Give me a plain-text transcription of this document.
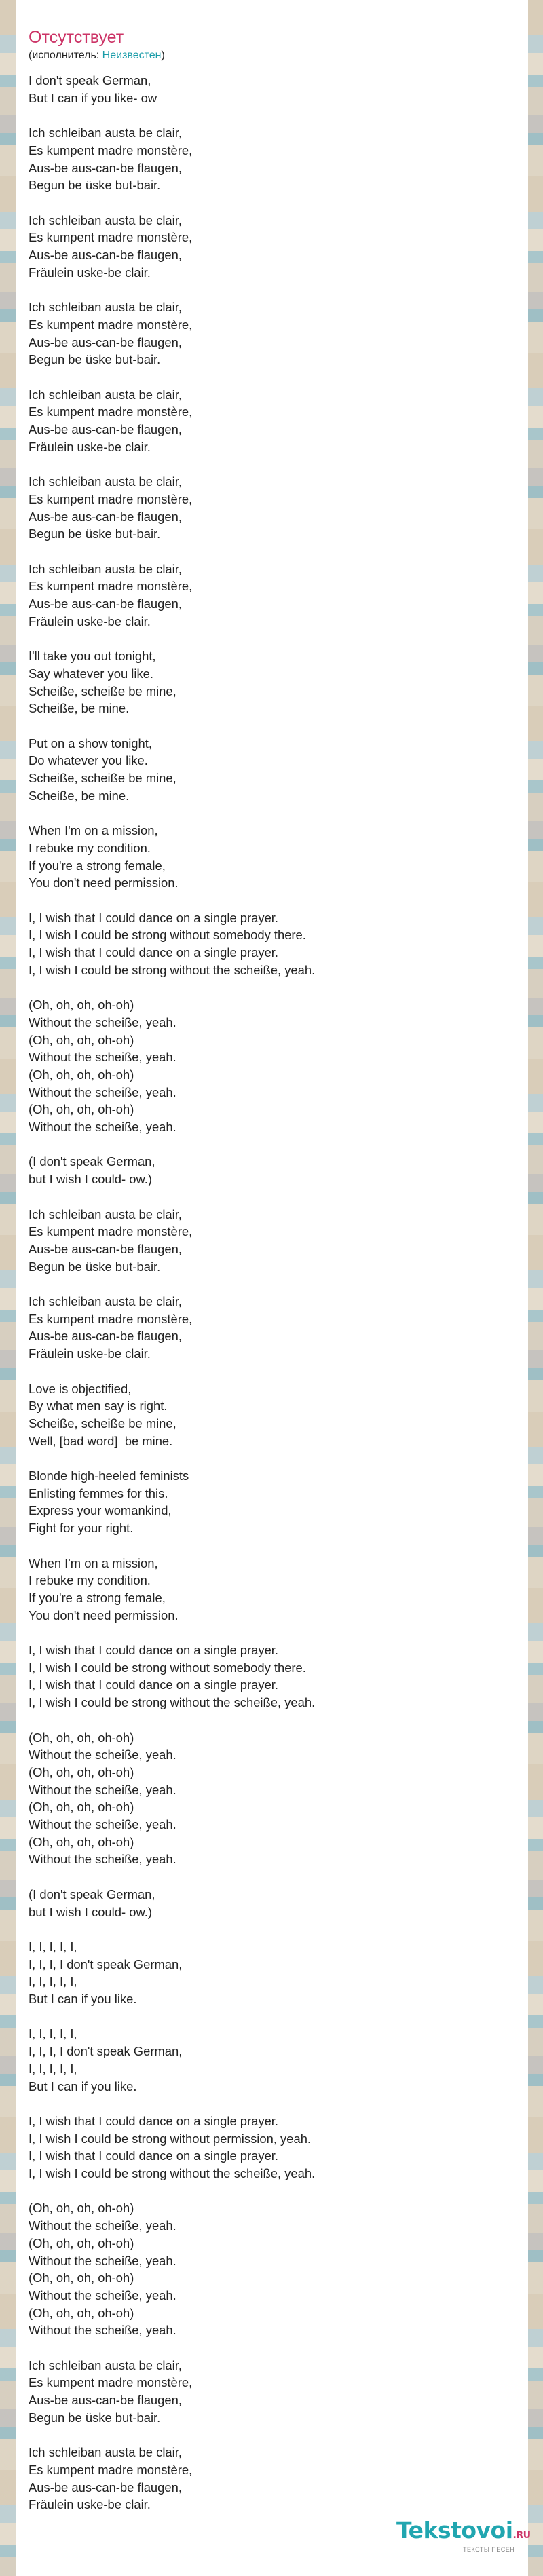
Отсутствует
(исполнитель: Неизвестен)
I don't speak German,
But I can if you like- ow
Ich schleiban austa be clair,
Es kumpent madre monstère,
Aus-be aus-can-be flaugen,
Begun be üske but-bair.
Ich schleiban austa be clair,
Es kumpent madre monstère,
Aus-be aus-can-be flaugen,
Fräulein uske-be clair.
Ich schleiban austa be clair,
Es kumpent madre monstère,
Aus-be aus-can-be flaugen,
Begun be üske but-bair.
Ich schleiban austa be clair,
Es kumpent madre monstère,
Aus-be aus-can-be flaugen,
Fräulein uske-be clair.
Ich schleiban austa be clair,
Es kumpent madre monstère,
Aus-be aus-can-be flaugen,
Begun be üske but-bair.
Ich schleiban austa be clair,
Es kumpent madre monstère,
Aus-be aus-can-be flaugen,
Fräulein uske-be clair.
I'll take you out tonight,
Say whatever you like.
Scheiße, scheiße be mine,
Scheiße, be mine.
Put on a show tonight,
Do whatever you like.
Scheiße, scheiße be mine,
Scheiße, be mine.
When I'm on a mission,
I rebuke my condition.
If you're a strong female,
You don't need permission.
I, I wish that I could dance on a single prayer.
I, I wish I could be strong without somebody there.
I, I wish that I could dance on a single prayer.
I, I wish I could be strong without the scheiße, yeah.
(Oh, oh, oh, oh-oh)
Without the scheiße, yeah.
(Oh, oh, oh, oh-oh)
Without the scheiße, yeah.
(Oh, oh, oh, oh-oh)
Without the scheiße, yeah.
(Oh, oh, oh, oh-oh)
Without the scheiße, yeah.
(I don't speak German,
but I wish I could- ow.)
Ich schleiban austa be clair,
Es kumpent madre monstère,
Aus-be aus-can-be flaugen,
Begun be üske but-bair.
Ich schleiban austa be clair,
Es kumpent madre monstère,
Aus-be aus-can-be flaugen,
Fräulein uske-be clair.
Love is objectified,
By what men say is right.
Scheiße, scheiße be mine,
Well, [bad word]  be mine.
Blonde high-heeled feminists
Enlisting femmes for this.
Express your womankind,
Fight for your right.
When I'm on a mission,
I rebuke my condition.
If you're a strong female,
You don't need permission.
I, I wish that I could dance on a single prayer.
I, I wish I could be strong without somebody there.
I, I wish that I could dance on a single prayer.
I, I wish I could be strong without the scheiße, yeah.
(Oh, oh, oh, oh-oh)
Without the scheiße, yeah.
(Oh, oh, oh, oh-oh)
Without the scheiße, yeah.
(Oh, oh, oh, oh-oh)
Without the scheiße, yeah.
(Oh, oh, oh, oh-oh)
Without the scheiße, yeah.
(I don't speak German,
but I wish I could- ow.)
I, I, I, I, I,
I, I, I, I don't speak German,
I, I, I, I, I,
But I can if you like.
I, I, I, I, I,
I, I, I, I don't speak German,
I, I, I, I, I,
But I can if you like.
I, I wish that I could dance on a single prayer.
I, I wish I could be strong without permission, yeah.
I, I wish that I could dance on a single prayer.
I, I wish I could be strong without the scheiße, yeah.
(Oh, oh, oh, oh-oh)
Without the scheiße, yeah.
(Oh, oh, oh, oh-oh)
Without the scheiße, yeah.
(Oh, oh, oh, oh-oh)
Without the scheiße, yeah.
(Oh, oh, oh, oh-oh)
Without the scheiße, yeah.
Ich schleiban austa be clair,
Es kumpent madre monstère,
Aus-be aus-can-be flaugen,
Begun be üske but-bair.
Ich schleiban austa be clair,
Es kumpent madre monstère,
Aus-be aus-can-be flaugen,
Fräulein uske-be clair.
Tekstovoi.RU
ТЕКСТЫ ПЕСЕН
